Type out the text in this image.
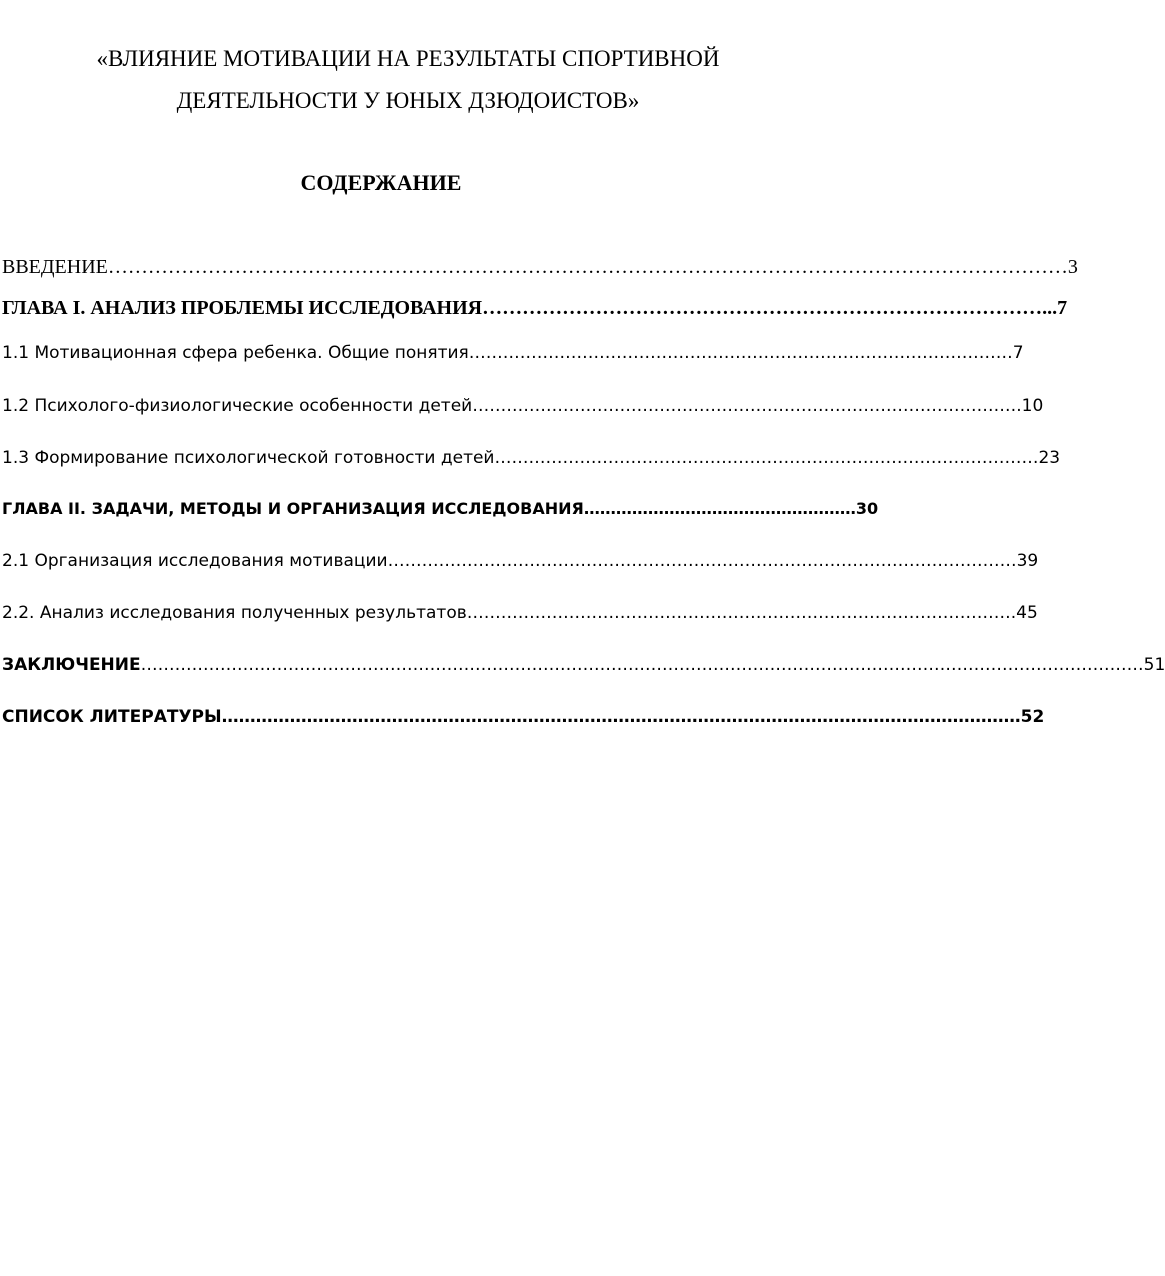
«ВЛИЯНИЕ МОТИВАЦИИ НА РЕЗУЛЬТАТЫ СПОРТИВНОЙ
ДЕЯТЕЛЬНОСТИ У ЮНЫХ ДЗЮДОИСТОВ»
СОДЕРЖАНИЕ
ВВЕДЕНИЕ ……………………………………………………………………………………………………………………………… 3
ГЛАВА I. АНАЛИЗ ПРОБЛЕМЫ ИССЛЕДОВАНИЯ ………………………………………………………………………… ...7
1.1 Мотивационная сфера ребенка. Общие понятия …………………………………………………………………………………… 7
1.2 Психолого-физиологические особенности детей ……………………………………………………………………………………. 10
1.3 Формирование психологической готовности детей …………………………………………………………………………………… 23
ГЛАВА II. ЗАДАЧИ, МЕТОДЫ И ОРГАНИЗАЦИЯ ИССЛЕДОВАНИЯ …………………………………………… 30
2.1 Организация исследования мотивации ………………………………………………………………………………………………… 39
2.2. Анализ исследования полученных результатов ……………………………………………………………………………………. 45
ЗАКЛЮЧЕНИЕ …………………………………………………………………………………………………………………………………………………………… 51
СПИСОК ЛИТЕРАТУРЫ …………………………………………………………………………………………………………………………… 52
